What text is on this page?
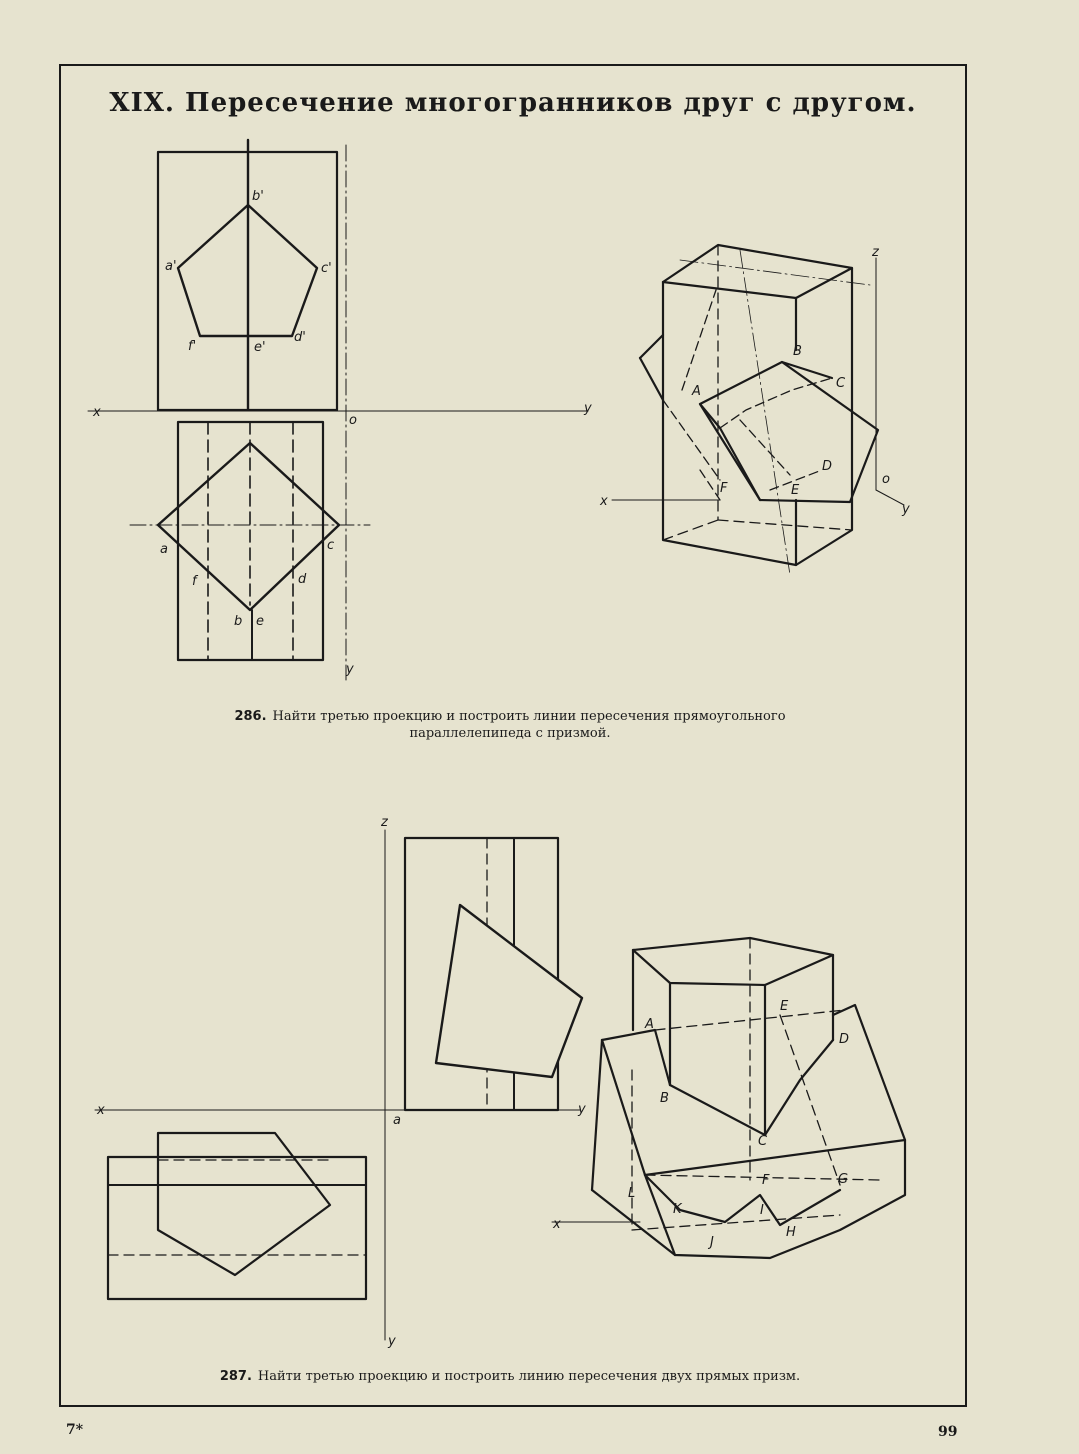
XIX. Пересечение многогранников друг с другом.
b'
a'	c'
f'	e'
d'
x	y
o
a	c
f	d
b e
y
z
x
y
o
A
B
C
D
E
F
z
x	y
a
y
x
A
B
C
D
E
F	G
H
I
J
K
L
286. Найти третью проекцию и построить линии пересечения прямоугольного
параллелепипеда с призмой.
287. Найти третью проекцию и построить линию пересечения двух прямых призм.
7*	99
